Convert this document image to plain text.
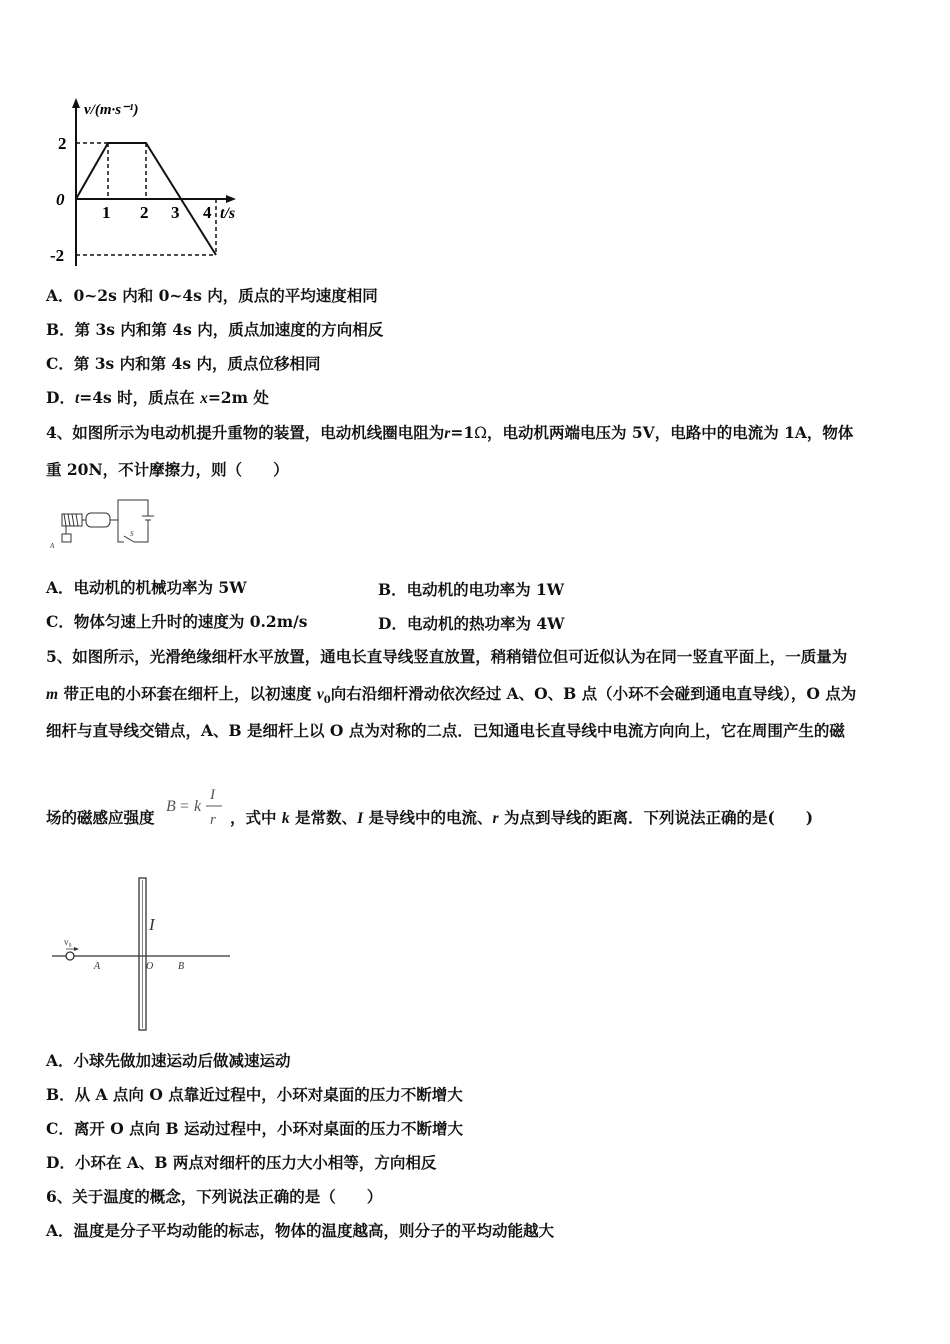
v/(m·s⁻¹)
2
0
-2
1 2 3 4 t/s
A．0~2s 内和 0~4s 内，质点的平均速度相同
B．第 3s 内和第 4s 内，质点加速度的方向相反
C．第 3s 内和第 4s 内，质点位移相同
D．t=4s 时，质点在 x=2m 处
4、如图所示为电动机提升重物的装置，电动机线圈电阻为r=1Ω，电动机两端电压为 5V，电路中的电流为 1A，物体
重 20N，不计摩擦力，则（　　）
S
A
A．电动机的机械功率为 5W	B．电动机的电功率为 1W
C．物体匀速上升时的速度为 0.2m/s	D．电动机的热功率为 4W
5、如图所示，光滑绝缘细杆水平放置，通电长直导线竖直放置，稍稍错位但可近似认为在同一竖直平面上，一质量为
m 带正电的小环套在细杆上，以初速度 $v_0$向右沿细杆滑动依次经过 A、O、B 点（小环不会碰到通电直导线），O 点为
细杆与直导线交错点，A、B 是细杆上以 O 点为对称的二点．已知通电长直导线中电流方向向上，它在周围产生的磁
场的磁感应强度
B = k
I
r ，式中 k 是常数、I 是导线中的电流、r 为点到导线的距离．下列说法正确的是(　　)
I
v₀
A	O B
A．小球先做加速运动后做减速运动
B．从 A 点向 O 点靠近过程中，小环对桌面的压力不断增大
C．离开 O 点向 B 运动过程中，小环对桌面的压力不断增大
D．小环在 A、B 两点对细杆的压力大小相等，方向相反
6、关于温度的概念，下列说法正确的是（　　）
A．温度是分子平均动能的标志，物体的温度越高，则分子的平均动能越大
